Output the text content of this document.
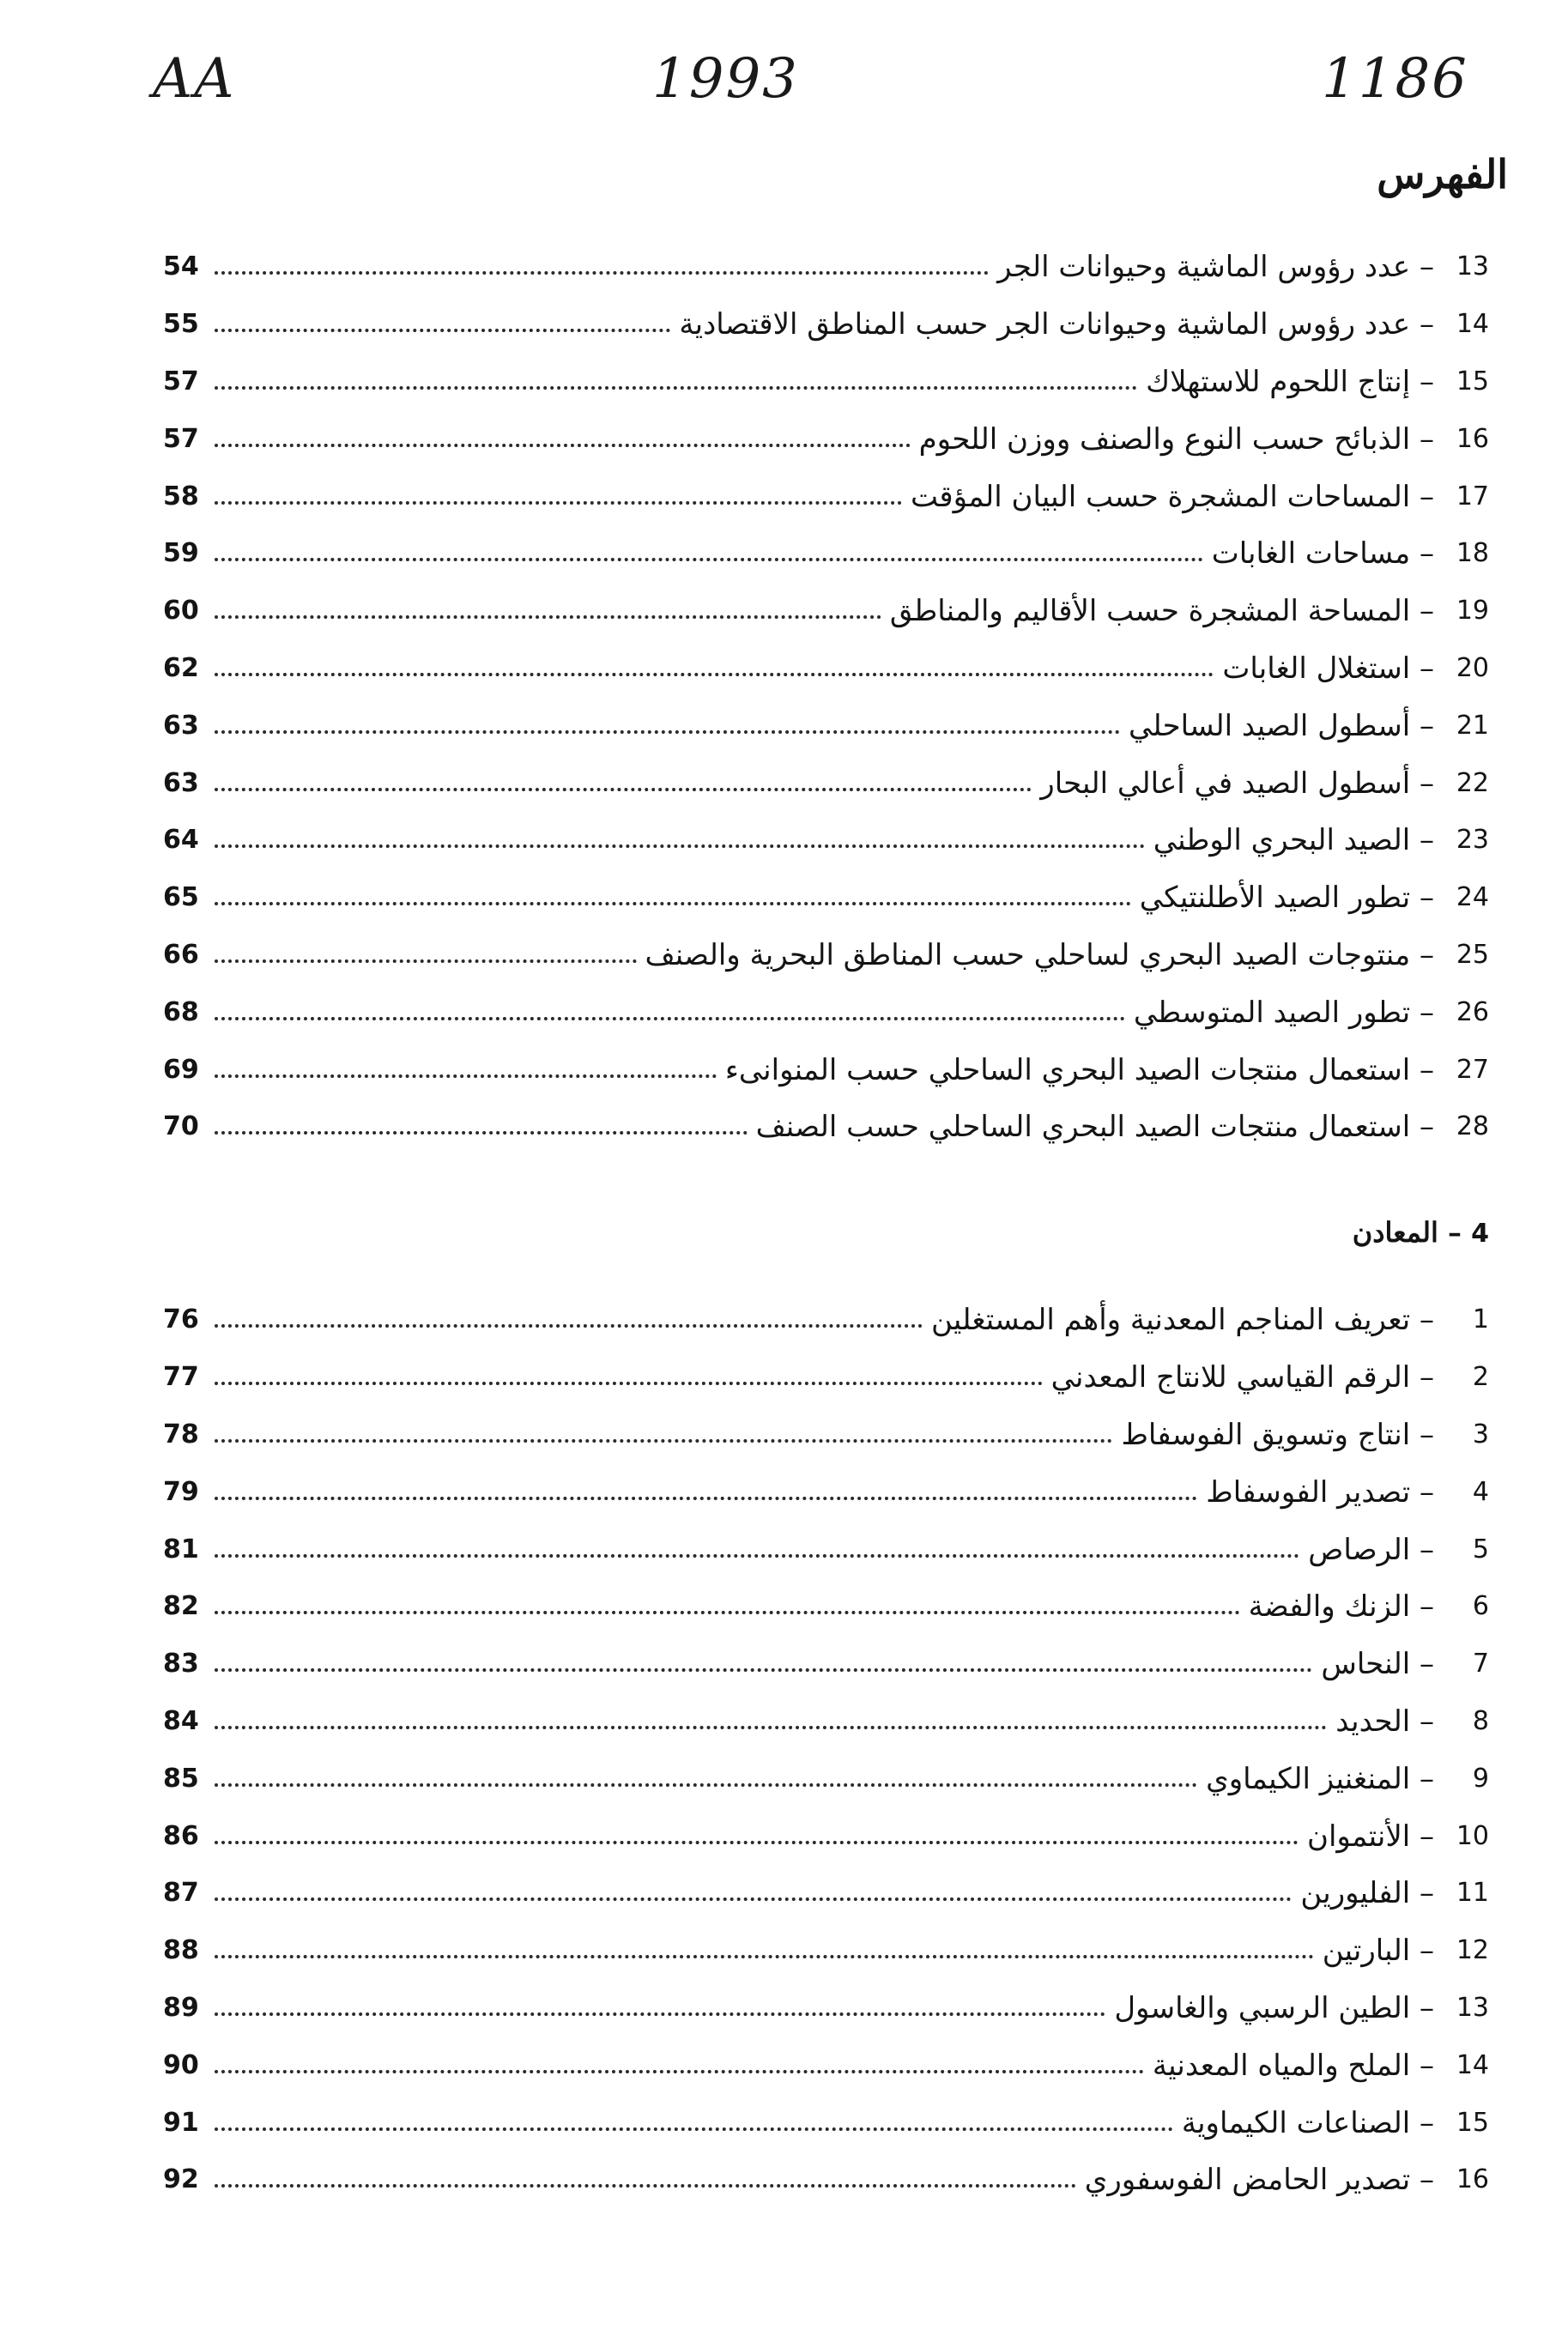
AA	1993	1186
الفهرس
54	– عدد رؤوس الماشية وحيوانات الجر 13
55	– عدد رؤوس الماشية وحيوانات الجر حسب المناطق الاقتصادية 14
57	– إنتاج اللحوم للاستهلاك 15
57	– الذبائح حسب النوع والصنف ووزن اللحوم 16
58	– المساحات المشجرة حسب البيان المؤقت 17
59	– مساحات الغابات 18
60	– المساحة المشجرة حسب الأقاليم والمناطق 19
62	– استغلال الغابات 20
63	– أسطول الصيد الساحلي 21
63	– أسطول الصيد في أعالي البحار 22
64	– الصيد البحري الوطني 23
65	– تطور الصيد الأطلنتيكي 24
66	– منتوجات الصيد البحري لساحلي حسب المناطق البحرية والصنف 25
68	– تطور الصيد المتوسطي 26
69	– استعمال منتجات الصيد البحري الساحلي حسب المنوانىء 27
70	– استعمال منتجات الصيد البحري الساحلي حسب الصنف 28
4 – المعادن
76	– تعريف المناجم المعدنية وأهم المستغلين	1
77	– الرقم القياسي للانتاج المعدني	2
78	– انتاج وتسويق الفوسفاط	3
79	– تصدير الفوسفاط	4
81	– الرصاص	5
82	– الزنك والفضة	6
83	– النحاس	7
84	– الحديد	8
85	– المنغنيز الكيماوي	9
86	– الأنتموان 10
87	– الفليورين 11
88	– البارتين 12
89	– الطين الرسبي والغاسول 13
90	– الملح والمياه المعدنية 14
91	– الصناعات الكيماوية 15
92	– تصدير الحامض الفوسفوري 16
